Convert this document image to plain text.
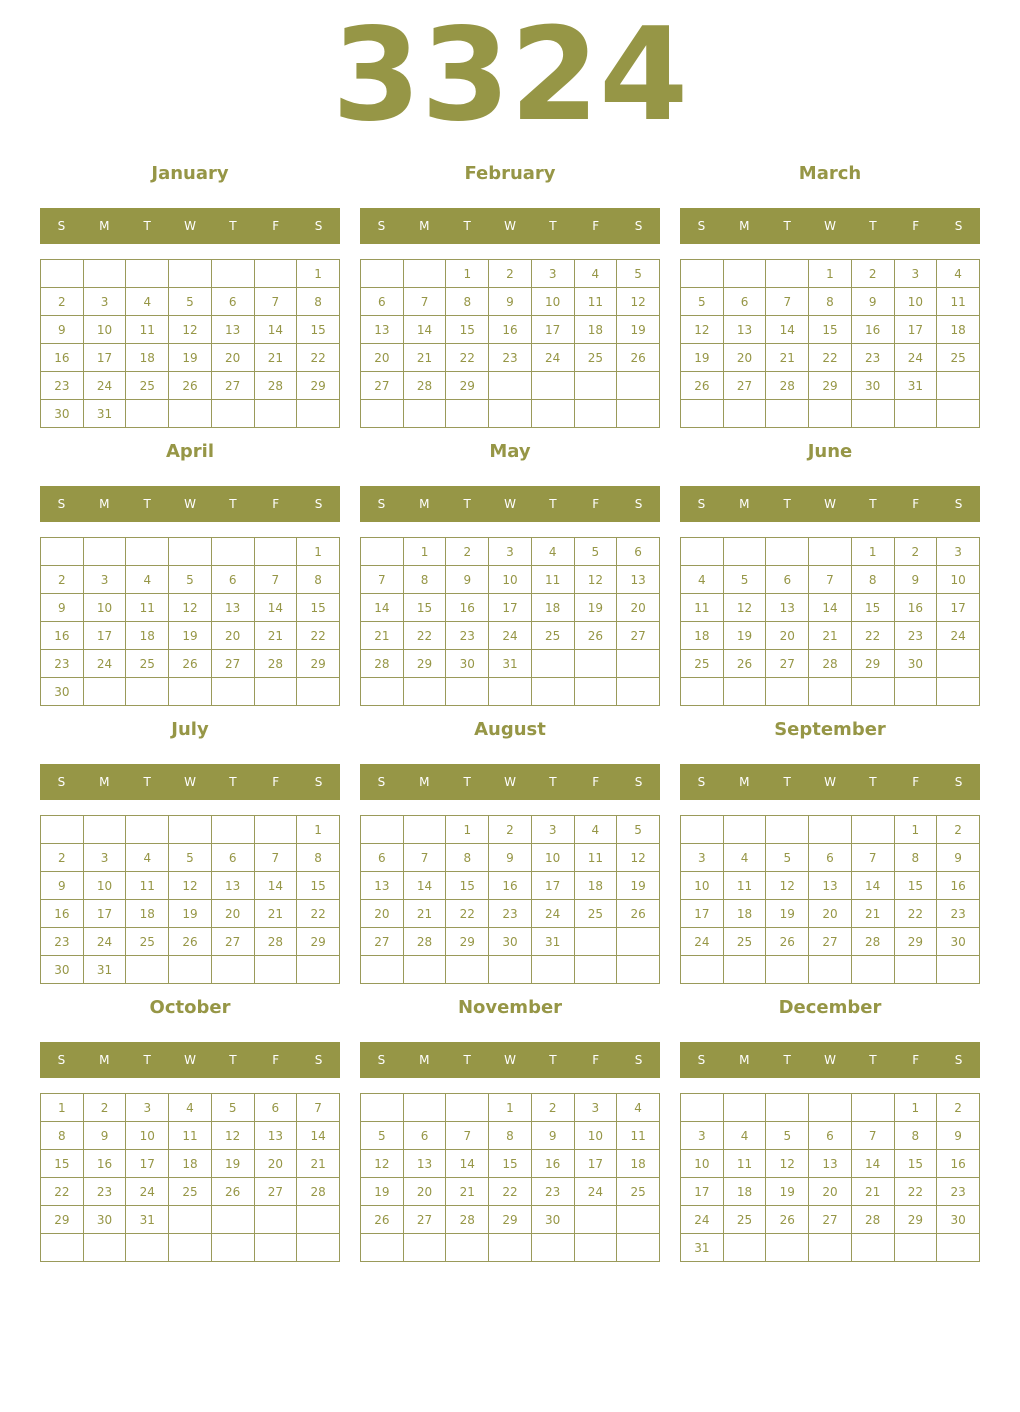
3324
January
S	M	T	W	T	F	S
						1
2	3	4	5	6	7	8
9	10	11	12	13	14	15
16	17	18	19	20	21	22
23	24	25	26	27	28	29
30	31					
February
S	M	T	W	T	F	S
		1	2	3	4	5
6	7	8	9	10	11	12
13	14	15	16	17	18	19
20	21	22	23	24	25	26
27	28	29				

March
S	M	T	W	T	F	S
			1	2	3	4
5	6	7	8	9	10	11
12	13	14	15	16	17	18
19	20	21	22	23	24	25
26	27	28	29	30	31	

April
S	M	T	W	T	F	S
						1
2	3	4	5	6	7	8
9	10	11	12	13	14	15
16	17	18	19	20	21	22
23	24	25	26	27	28	29
30						
May
S	M	T	W	T	F	S
	1	2	3	4	5	6
7	8	9	10	11	12	13
14	15	16	17	18	19	20
21	22	23	24	25	26	27
28	29	30	31			

June
S	M	T	W	T	F	S
				1	2	3
4	5	6	7	8	9	10
11	12	13	14	15	16	17
18	19	20	21	22	23	24
25	26	27	28	29	30	

July
S	M	T	W	T	F	S
						1
2	3	4	5	6	7	8
9	10	11	12	13	14	15
16	17	18	19	20	21	22
23	24	25	26	27	28	29
30	31					
August
S	M	T	W	T	F	S
		1	2	3	4	5
6	7	8	9	10	11	12
13	14	15	16	17	18	19
20	21	22	23	24	25	26
27	28	29	30	31		

September
S	M	T	W	T	F	S
					1	2
3	4	5	6	7	8	9
10	11	12	13	14	15	16
17	18	19	20	21	22	23
24	25	26	27	28	29	30

October
S	M	T	W	T	F	S
1	2	3	4	5	6	7
8	9	10	11	12	13	14
15	16	17	18	19	20	21
22	23	24	25	26	27	28
29	30	31				

November
S	M	T	W	T	F	S
			1	2	3	4
5	6	7	8	9	10	11
12	13	14	15	16	17	18
19	20	21	22	23	24	25
26	27	28	29	30		

December
S	M	T	W	T	F	S
					1	2
3	4	5	6	7	8	9
10	11	12	13	14	15	16
17	18	19	20	21	22	23
24	25	26	27	28	29	30
31						
